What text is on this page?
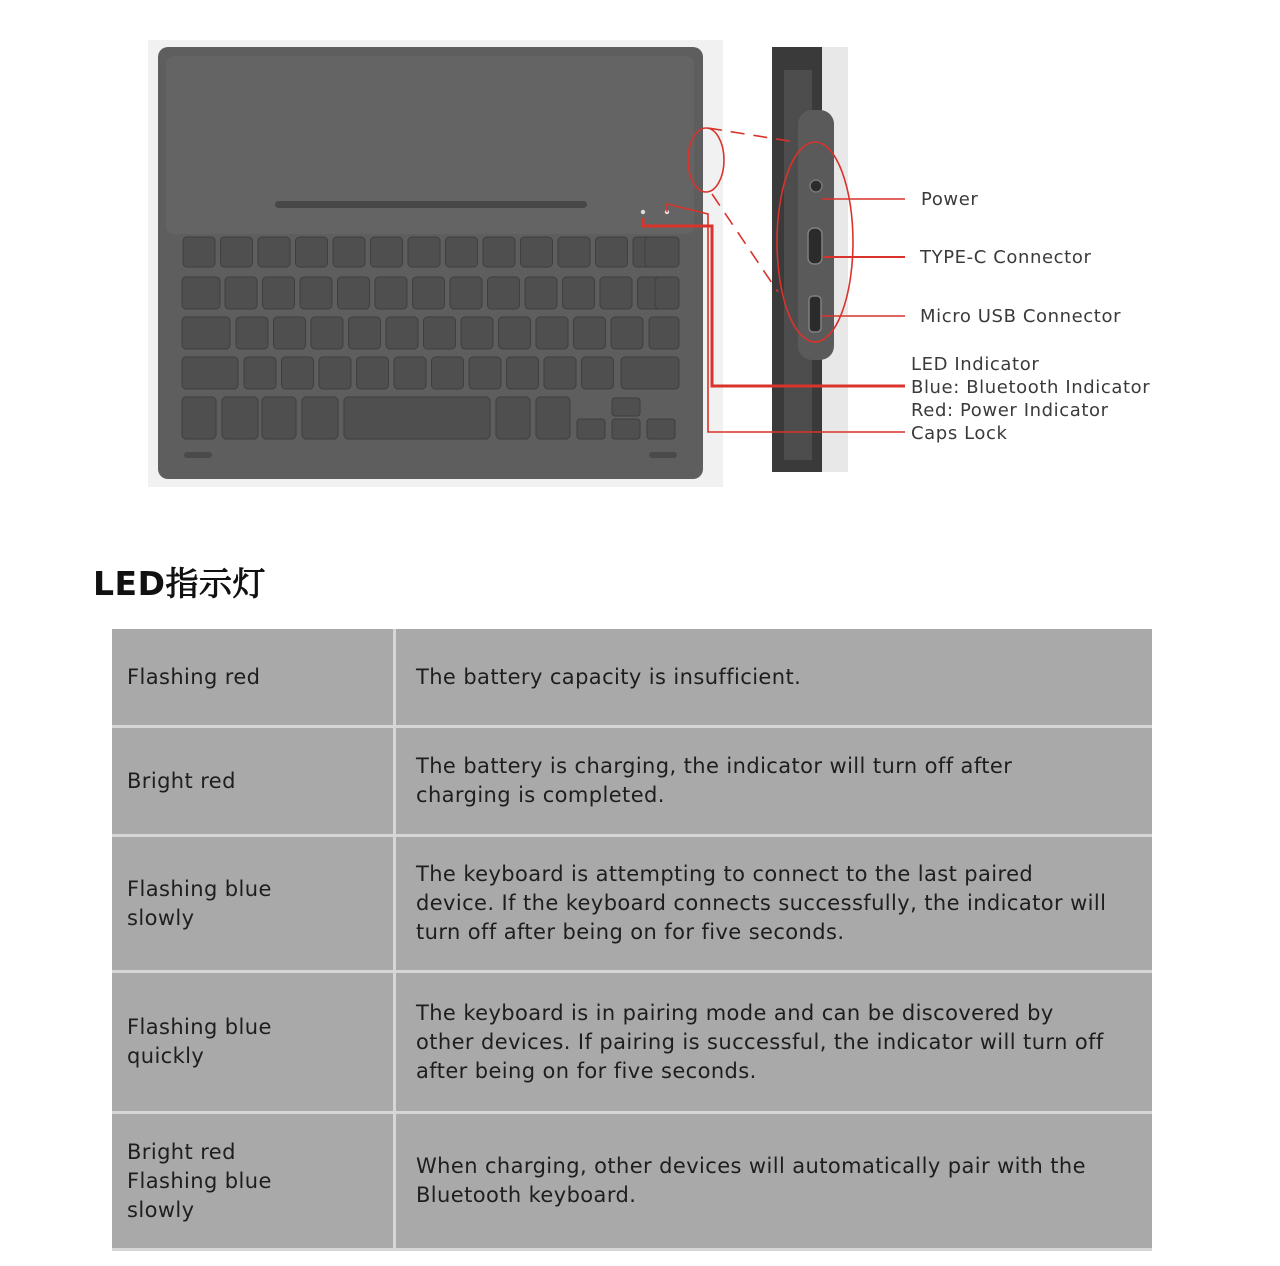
Power
TYPE-C Connector
Micro USB Connector
LED Indicator
Blue: Bluetooth Indicator
Red: Power Indicator
Caps Lock
LED指示灯
Flashing red	The battery capacity is insufficient.

Bright red	The battery is charging, the indicator will turn off after charging is completed.

Flashing blue
slowly	The keyboard is attempting to connect to the last paired device. If the keyboard connects successfully, the indicator will turn off after being on for five seconds.

Flashing blue
quickly	The keyboard is in pairing mode and can be discovered by other devices. If pairing is successful, the indicator will turn off after being on for five seconds.

Bright red
Flashing blue
slowly	When charging, other devices will automatically pair with the Bluetooth keyboard.
